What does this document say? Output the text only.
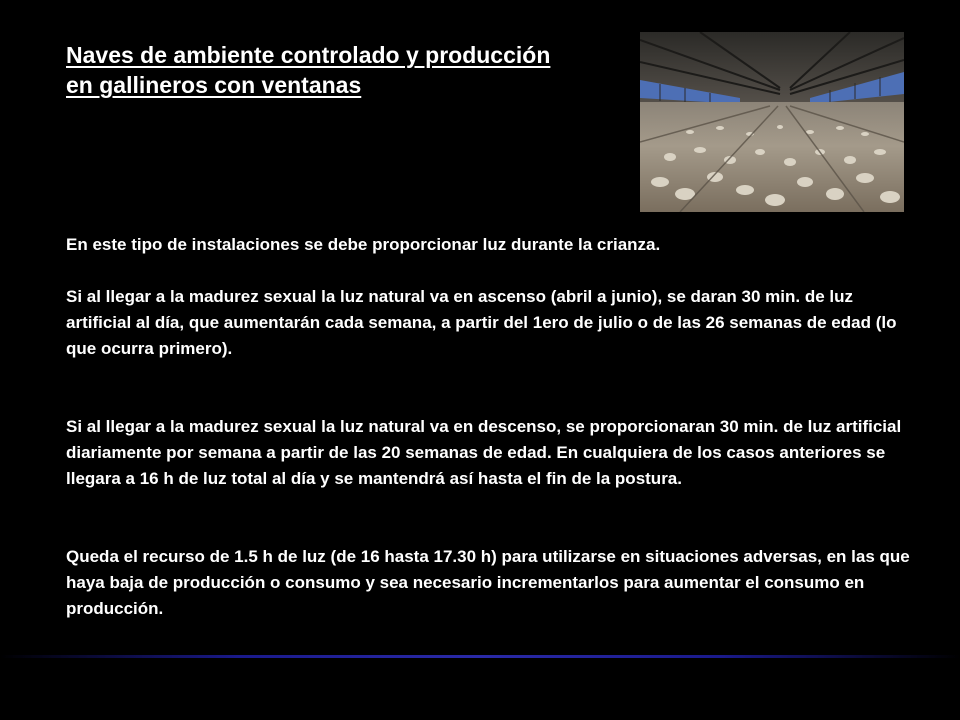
Naves de ambiente controlado y producción
en gallineros con ventanas

En este tipo de instalaciones se debe proporcionar luz durante la crianza.

Si al llegar a la madurez sexual la luz natural va en ascenso (abril a junio), se daran 30 min. de luz artificial al día, que aumentarán cada semana, a partir del 1ero de julio o de las 26 semanas de edad (lo que ocurra primero).

Si al llegar a la madurez sexual la luz natural va en descenso, se proporcionaran 30 min. de luz artificial diariamente por semana a partir de las 20 semanas de edad. En cualquiera de los casos anteriores se llegara a 16 h de luz total al día y se mantendrá así hasta el fin de la postura.

Queda el recurso de 1.5 h de luz (de 16 hasta 17.30 h) para utilizarse en situaciones adversas, en las que haya baja de producción o consumo y sea necesario incrementarlos para aumentar el consumo en producción.
